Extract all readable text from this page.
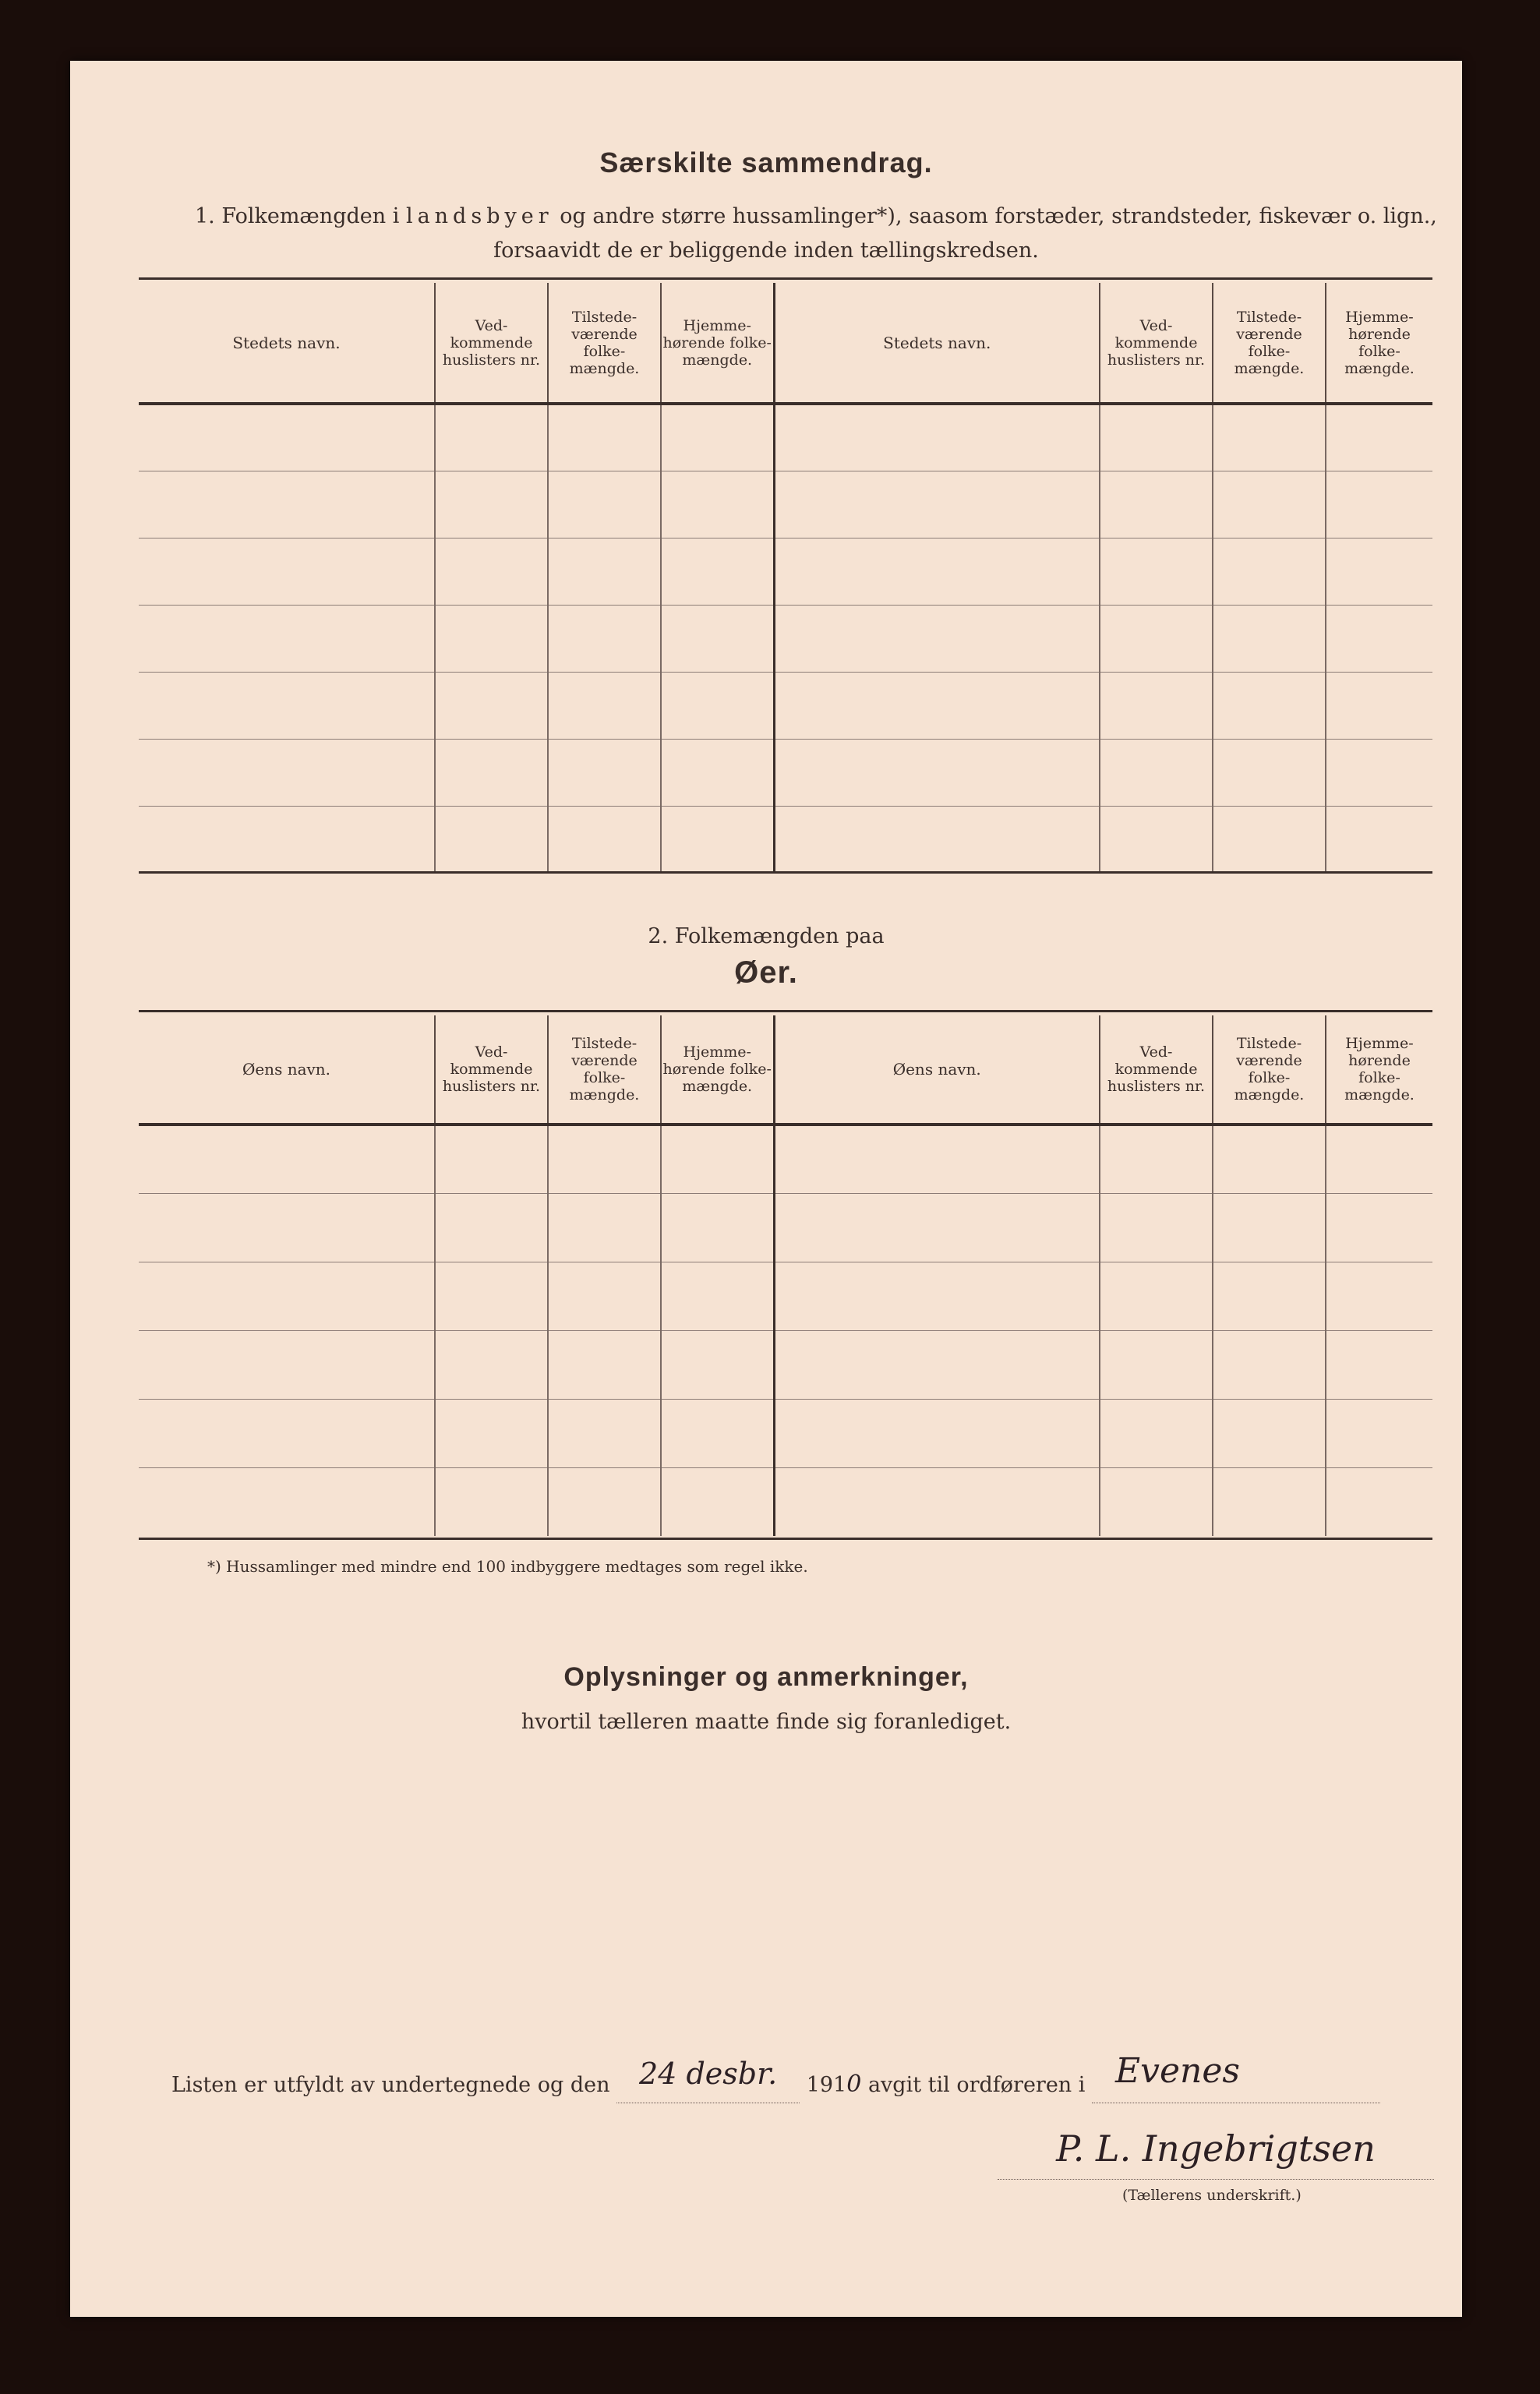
Særskilte sammendrag.
1. Folkemængden i landsbyer og andre større hussamlinger*), saasom forstæder, strandsteder, fiskevær o. lign.,
forsaavidt de er beliggende inden tællingskredsen.
Stedets navn.	Ved-kommende huslisters nr.	Tilstede-værende folke-mængde.	Hjemme-hørende folke-mængde.	Stedets navn.	Ved-kommende huslisters nr.	Tilstede-værende folke-mængde.	Hjemme-hørende folke-mængde.

2. Folkemængden paa
Øer.
Øens navn.	Ved-kommende huslisters nr.	Tilstede-værende folke-mængde.	Hjemme-hørende folke-mængde.	Øens navn.	Ved-kommende huslisters nr.	Tilstede-værende folke-mængde.	Hjemme-hørende folke-mængde.

*) Hussamlinger med mindre end 100 indbyggere medtages som regel ikke.
Oplysninger og anmerkninger,
hvortil tælleren maatte finde sig foranlediget.
Listen er utfyldt av undertegnede og den 24 desbr. 1910 avgit til ordføreren i Evenes
P. L. Ingebrigtsen
(Tællerens underskrift.)
